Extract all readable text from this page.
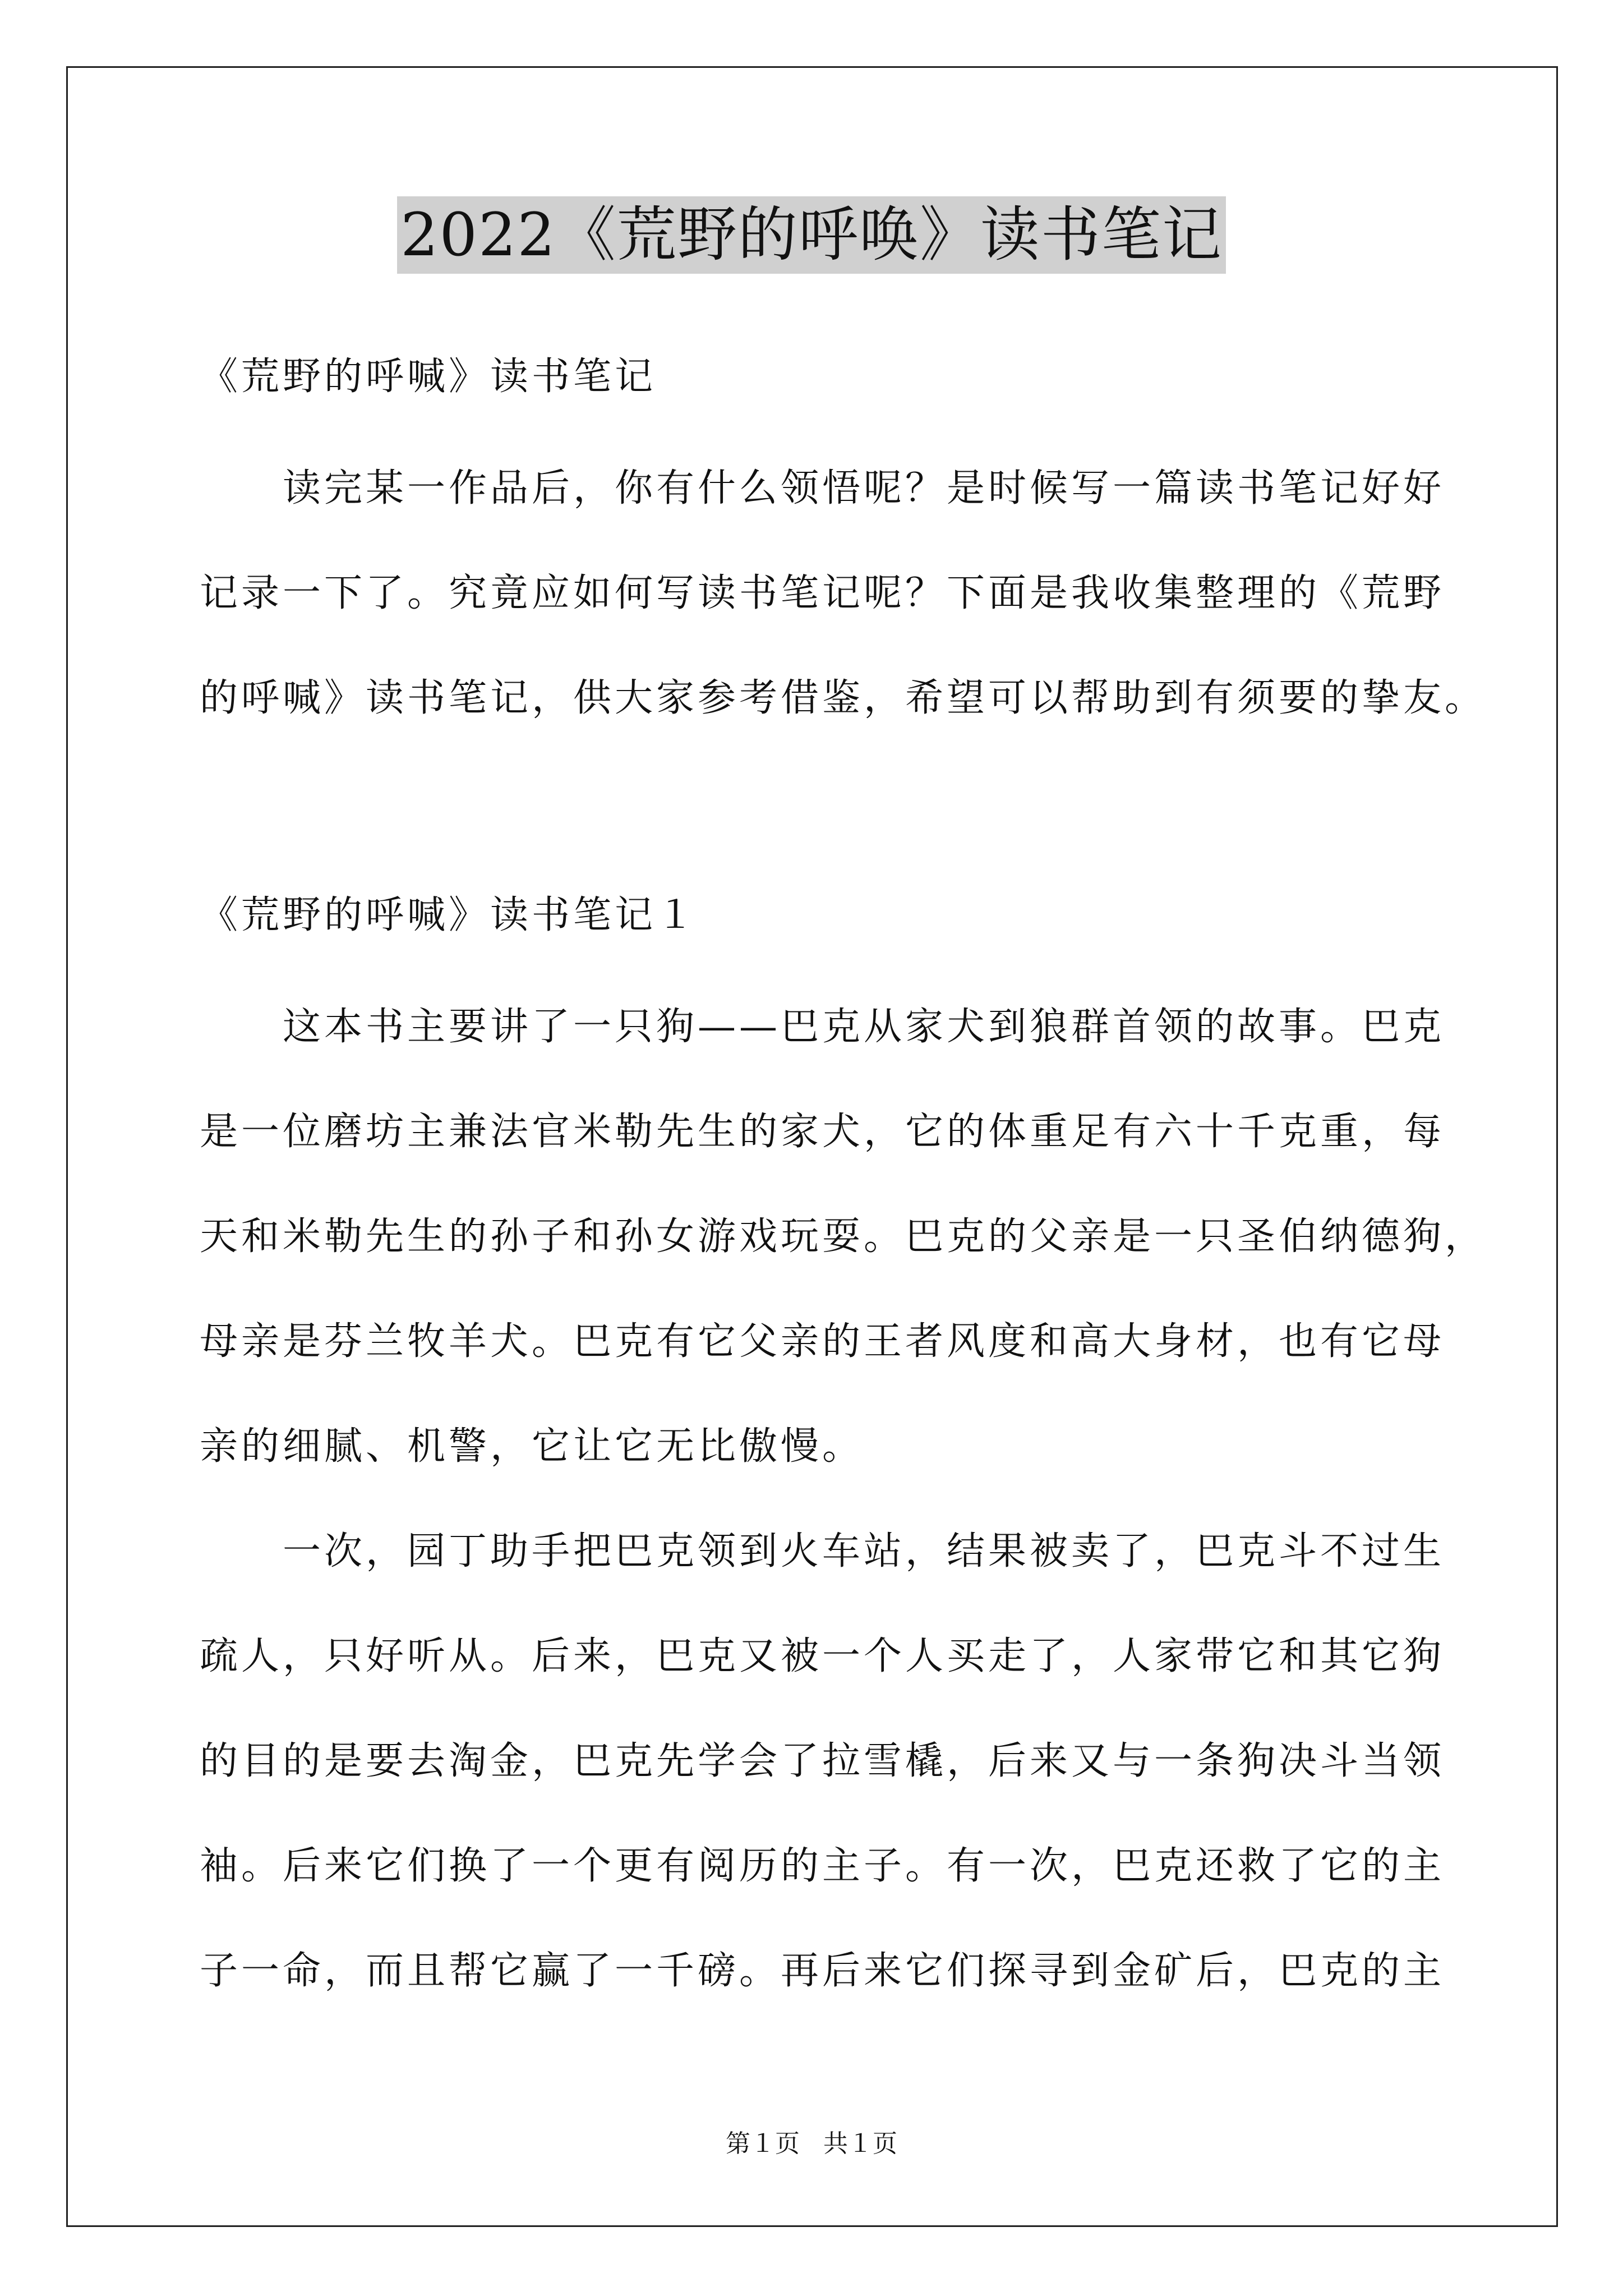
2022《荒野的呼唤》读书笔记
《荒野的呼喊》读书笔记
　　读完某一作品后，你有什么领悟呢？是时候写一篇读书笔记好好
记录一下了。究竟应如何写读书笔记呢？下面是我收集整理的《荒野
的呼喊》读书笔记，供大家参考借鉴，希望可以帮助到有须要的挚友。
《荒野的呼喊》读书笔记１
　　这本书主要讲了一只狗——巴克从家犬到狼群首领的故事。巴克
是一位磨坊主兼法官米勒先生的家犬，它的体重足有六十千克重，每
天和米勒先生的孙子和孙女游戏玩耍。巴克的父亲是一只圣伯纳德狗，
母亲是芬兰牧羊犬。巴克有它父亲的王者风度和高大身材，也有它母
亲的细腻、机警，它让它无比傲慢。
　　一次，园丁助手把巴克领到火车站，结果被卖了，巴克斗不过生
疏人，只好听从。后来，巴克又被一个人买走了，人家带它和其它狗
的目的是要去淘金，巴克先学会了拉雪橇，后来又与一条狗决斗当领
袖。后来它们换了一个更有阅历的主子。有一次，巴克还救了它的主
子一命，而且帮它赢了一千磅。再后来它们探寻到金矿后，巴克的主
第１页 共１页
